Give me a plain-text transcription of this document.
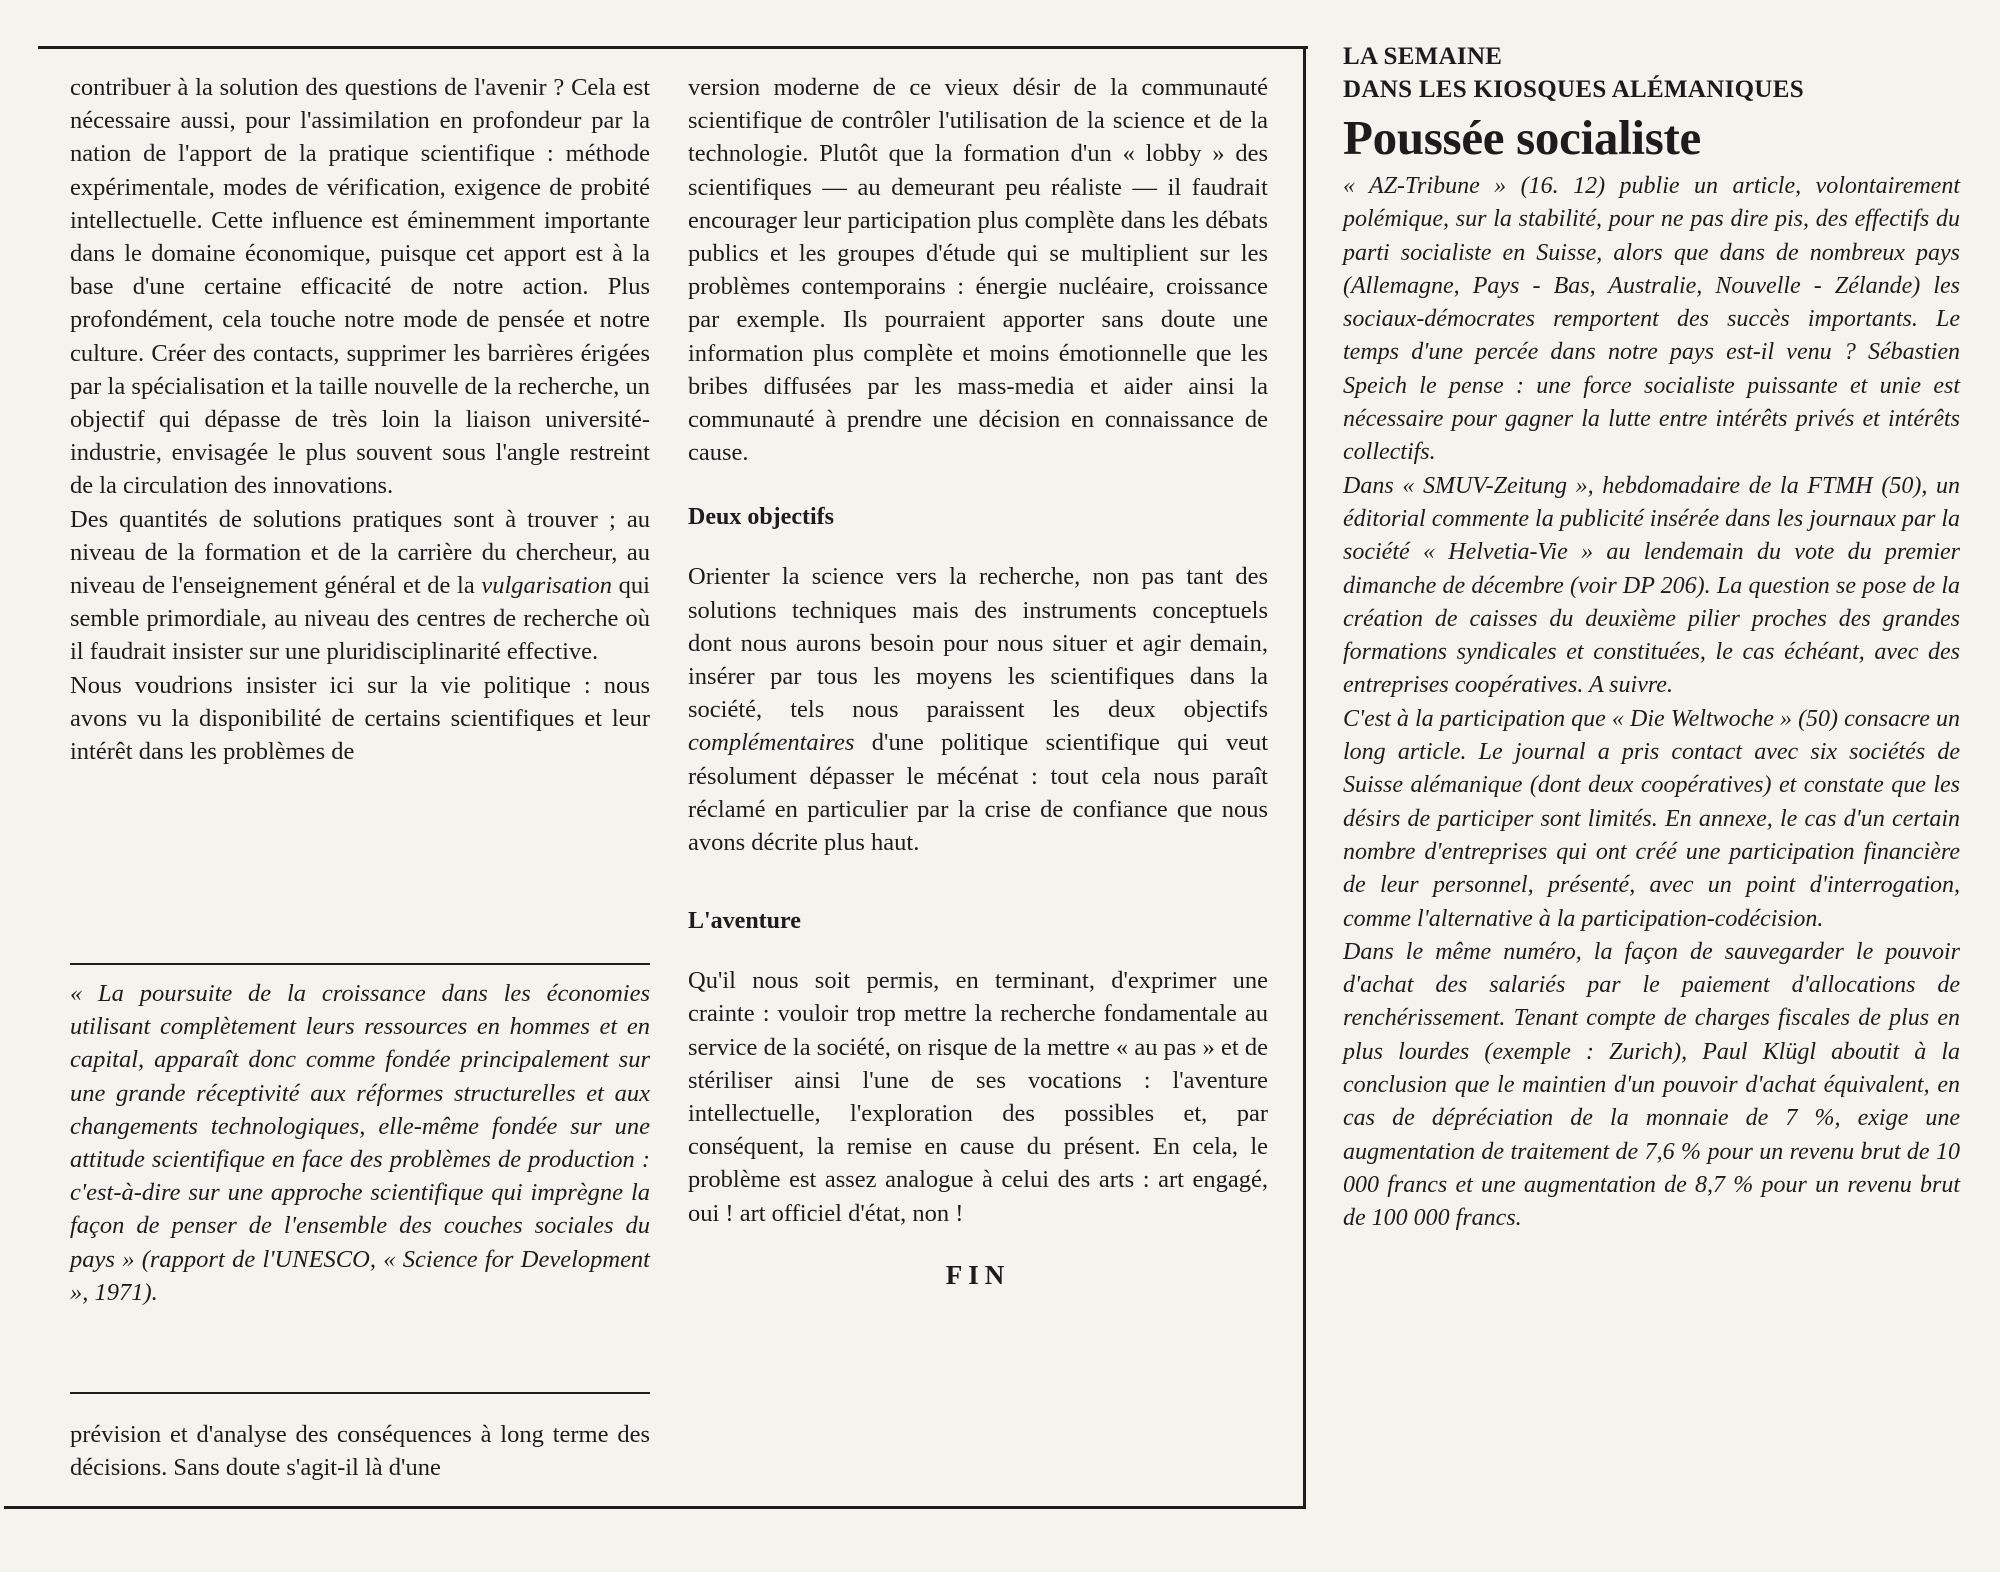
contribuer à la solution des questions de l'avenir ? Cela est nécessaire aussi, pour l'assimilation en profondeur par la nation de l'apport de la pratique scientifique : méthode expérimentale, modes de vérification, exigence de probité intellectuelle. Cette influence est éminemment importante dans le domaine économique, puisque cet apport est à la base d'une certaine efficacité de notre action. Plus profondément, cela touche notre mode de pensée et notre culture. Créer des contacts, supprimer les barrières érigées par la spécialisation et la taille nouvelle de la recherche, un objectif qui dépasse de très loin la liaison université-industrie, envisagée le plus souvent sous l'angle restreint de la circulation des innovations.

Des quantités de solutions pratiques sont à trouver ; au niveau de la formation et de la carrière du chercheur, au niveau de l'enseignement général et de la vulgarisation qui semble primordiale, au niveau des centres de recherche où il faudrait insister sur une pluridisciplinarité effective.

Nous voudrions insister ici sur la vie politique : nous avons vu la disponibilité de certains scientifiques et leur intérêt dans les problèmes de

« La poursuite de la croissance dans les économies utilisant complètement leurs ressources en hommes et en capital, apparaît donc comme fondée principalement sur une grande réceptivité aux réformes structurelles et aux changements technologiques, elle-même fondée sur une attitude scientifique en face des problèmes de production : c'est-à-dire sur une approche scientifique qui imprègne la façon de penser de l'ensemble des couches sociales du pays » (rapport de l'UNESCO, « Science for Development », 1971).

prévision et d'analyse des conséquences à long terme des décisions. Sans doute s'agit-il là d'une

version moderne de ce vieux désir de la communauté scientifique de contrôler l'utilisation de la science et de la technologie. Plutôt que la formation d'un « lobby » des scientifiques — au demeurant peu réaliste — il faudrait encourager leur participation plus complète dans les débats publics et les groupes d'étude qui se multiplient sur les problèmes contemporains : énergie nucléaire, croissance par exemple. Ils pourraient apporter sans doute une information plus complète et moins émotionnelle que les bribes diffusées par les mass-media et aider ainsi la communauté à prendre une décision en connaissance de cause.

Deux objectifs

Orienter la science vers la recherche, non pas tant des solutions techniques mais des instruments conceptuels dont nous aurons besoin pour nous situer et agir demain, insérer par tous les moyens les scientifiques dans la société, tels nous paraissent les deux objectifs complémentaires d'une politique scientifique qui veut résolument dépasser le mécénat : tout cela nous paraît réclamé en particulier par la crise de confiance que nous avons décrite plus haut.

L'aventure

Qu'il nous soit permis, en terminant, d'exprimer une crainte : vouloir trop mettre la recherche fondamentale au service de la société, on risque de la mettre « au pas » et de stériliser ainsi l'une de ses vocations : l'aventure intellectuelle, l'exploration des possibles et, par conséquent, la remise en cause du présent. En cela, le problème est assez analogue à celui des arts : art engagé, oui ! art officiel d'état, non !

FIN
LA SEMAINE
DANS LES KIOSQUES ALÉMANIQUES
Poussée socialiste

« AZ-Tribune » (16. 12) publie un article, volontairement polémique, sur la stabilité, pour ne pas dire pis, des effectifs du parti socialiste en Suisse, alors que dans de nombreux pays (Allemagne, Pays - Bas, Australie, Nouvelle - Zélande) les sociaux-démocrates remportent des succès importants. Le temps d'une percée dans notre pays est-il venu ? Sébastien Speich le pense : une force socialiste puissante et unie est nécessaire pour gagner la lutte entre intérêts privés et intérêts collectifs.

Dans « SMUV-Zeitung », hebdomadaire de la FTMH (50), un éditorial commente la publicité insérée dans les journaux par la société « Helvetia-Vie » au lendemain du vote du premier dimanche de décembre (voir DP 206). La question se pose de la création de caisses du deuxième pilier proches des grandes formations syndicales et constituées, le cas échéant, avec des entreprises coopératives. A suivre.

C'est à la participation que « Die Weltwoche » (50) consacre un long article. Le journal a pris contact avec six sociétés de Suisse alémanique (dont deux coopératives) et constate que les désirs de participer sont limités. En annexe, le cas d'un certain nombre d'entreprises qui ont créé une participation financière de leur personnel, présenté, avec un point d'interrogation, comme l'alternative à la participation-codécision.

Dans le même numéro, la façon de sauvegarder le pouvoir d'achat des salariés par le paiement d'allocations de renchérissement. Tenant compte de charges fiscales de plus en plus lourdes (exemple : Zurich), Paul Klügl aboutit à la conclusion que le maintien d'un pouvoir d'achat équivalent, en cas de dépréciation de la monnaie de 7 %, exige une augmentation de traitement de 7,6 % pour un revenu brut de 10 000 francs et une augmentation de 8,7 % pour un revenu brut de 100 000 francs.
